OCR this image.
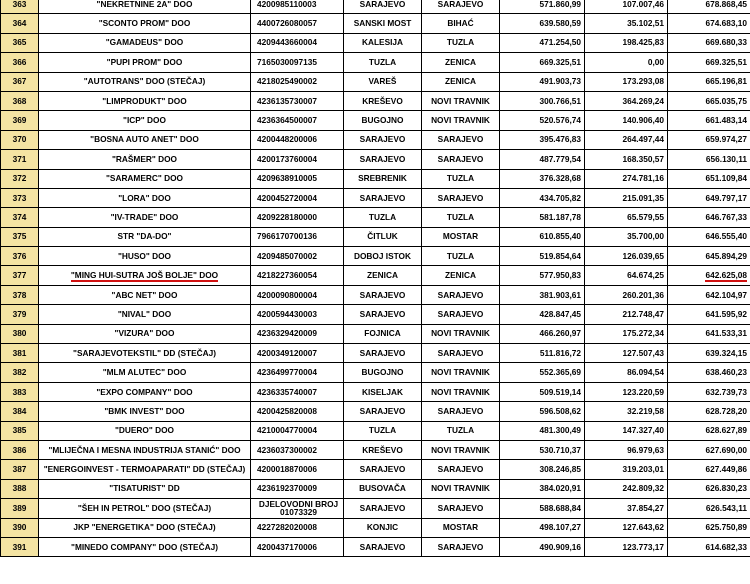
363	"NEKRETNINE 2A" DOO	4200985110003	SARAJEVO	SARAJEVO	571.860,99	107.007,46	678.868,45
364	"SCONTO PROM" DOO	4400726080057	SANSKI MOST	BIHAĆ	639.580,59	35.102,51	674.683,10
365	"GAMADEUS" DOO	4209443660004	KALESIJA	TUZLA	471.254,50	198.425,83	669.680,33
366	"PUPI PROM" DOO	7165030097135	TUZLA	ZENICA	669.325,51	0,00	669.325,51
367	"AUTOTRANS" DOO (STEČAJ)	4218025490002	VAREŠ	ZENICA	491.903,73	173.293,08	665.196,81
368	"LIMPRODUKT" DOO	4236135730007	KREŠEVO	NOVI TRAVNIK	300.766,51	364.269,24	665.035,75
369	"ICP" DOO	4236364500007	BUGOJNO	NOVI TRAVNIK	520.576,74	140.906,40	661.483,14
370	"BOSNA AUTO ANET" DOO	4200448200006	SARAJEVO	SARAJEVO	395.476,83	264.497,44	659.974,27
371	"RAŠMER" DOO	4200173760004	SARAJEVO	SARAJEVO	487.779,54	168.350,57	656.130,11
372	"SARAMERC" DOO	4209638910005	SREBRENIK	TUZLA	376.328,68	274.781,16	651.109,84
373	"LORA" DOO	4200452720004	SARAJEVO	SARAJEVO	434.705,82	215.091,35	649.797,17
374	"IV-TRADE" DOO	4209228180000	TUZLA	TUZLA	581.187,78	65.579,55	646.767,33
375	STR "DA-DO"	7966170700136	ČITLUK	MOSTAR	610.855,40	35.700,00	646.555,40
376	"HUSO" DOO	4209485070002	DOBOJ ISTOK	TUZLA	519.854,64	126.039,65	645.894,29
377	"MING HUI-SUTRA JOŠ BOLJE" DOO	4218227360054	ZENICA	ZENICA	577.950,83	64.674,25	642.625,08
378	"ABC NET" DOO	4200090800004	SARAJEVO	SARAJEVO	381.903,61	260.201,36	642.104,97
379	"NIVAL" DOO	4200594430003	SARAJEVO	SARAJEVO	428.847,45	212.748,47	641.595,92
380	"VIZURA" DOO	4236329420009	FOJNICA	NOVI TRAVNIK	466.260,97	175.272,34	641.533,31
381	"SARAJEVOTEKSTIL" DD (STEČAJ)	4200349120007	SARAJEVO	SARAJEVO	511.816,72	127.507,43	639.324,15
382	"MLM ALUTEC" DOO	4236499770004	BUGOJNO	NOVI TRAVNIK	552.365,69	86.094,54	638.460,23
383	"EXPO COMPANY" DOO	4236335740007	KISELJAK	NOVI TRAVNIK	509.519,14	123.220,59	632.739,73
384	"BMK INVEST" DOO	4200425820008	SARAJEVO	SARAJEVO	596.508,62	32.219,58	628.728,20
385	"DUERO" DOO	4210004770004	TUZLA	TUZLA	481.300,49	147.327,40	628.627,89
386	"MLIJEČNA I MESNA INDUSTRIJA STANIĆ" DOO	4236037300002	KREŠEVO	NOVI TRAVNIK	530.710,37	96.979,63	627.690,00
387	"ENERGOINVEST - TERMOAPARATI" DD (STEČAJ)	4200018870006	SARAJEVO	SARAJEVO	308.246,85	319.203,01	627.449,86
388	"TISATURIST" DD	4236192370009	BUSOVAČA	NOVI TRAVNIK	384.020,91	242.809,32	626.830,23
389	"ŠEH IN PETROL" DOO (STEČAJ)	DJELOVODNI BROJ 01073329	SARAJEVO	SARAJEVO	588.688,84	37.854,27	626.543,11
390	JKP "ENERGETIKA" DOO (STEČAJ)	4227282020008	KONJIC	MOSTAR	498.107,27	127.643,62	625.750,89
391	"MINEDO COMPANY" DOO (STEČAJ)	4200437170006	SARAJEVO	SARAJEVO	490.909,16	123.773,17	614.682,33
